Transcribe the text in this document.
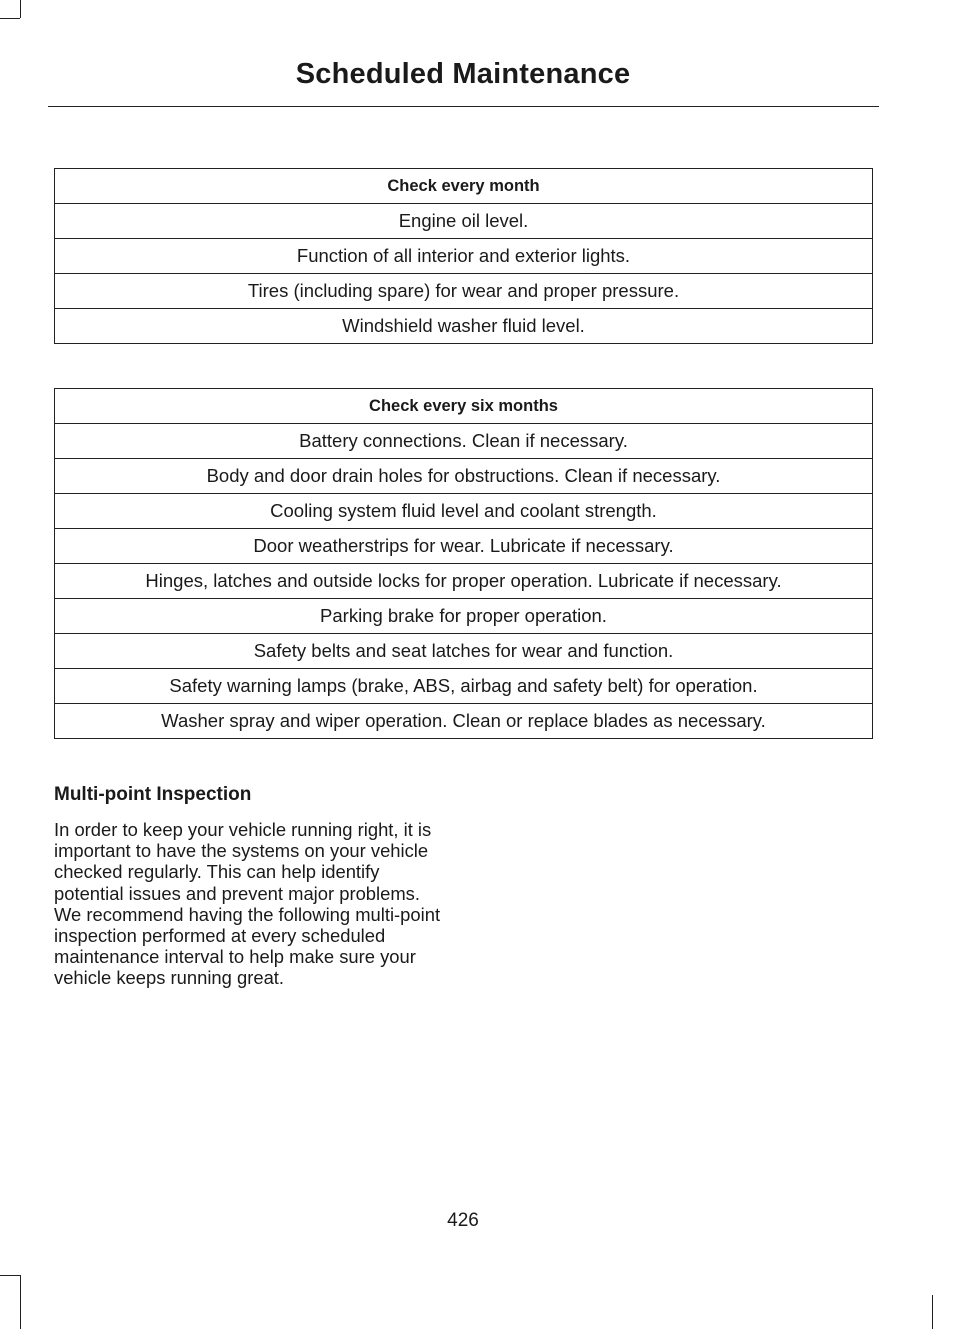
Scheduled Maintenance
Check every month
Engine oil level.
Function of all interior and exterior lights.
Tires (including spare) for wear and proper pressure.
Windshield washer fluid level.
Check every six months
Battery connections. Clean if necessary.
Body and door drain holes for obstructions. Clean if necessary.
Cooling system fluid level and coolant strength.
Door weatherstrips for wear. Lubricate if necessary.
Hinges, latches and outside locks for proper operation. Lubricate if necessary.
Parking brake for proper operation.
Safety belts and seat latches for wear and function.
Safety warning lamps (brake, ABS, airbag and safety belt) for operation.
Washer spray and wiper operation. Clean or replace blades as necessary.
Multi-point Inspection

In order to keep your vehicle running right, it is important to have the systems on your vehicle checked regularly. This can help identify potential issues and prevent major problems. We recommend having the following multi-point inspection performed at every scheduled maintenance interval to help make sure your vehicle keeps running great.

426
